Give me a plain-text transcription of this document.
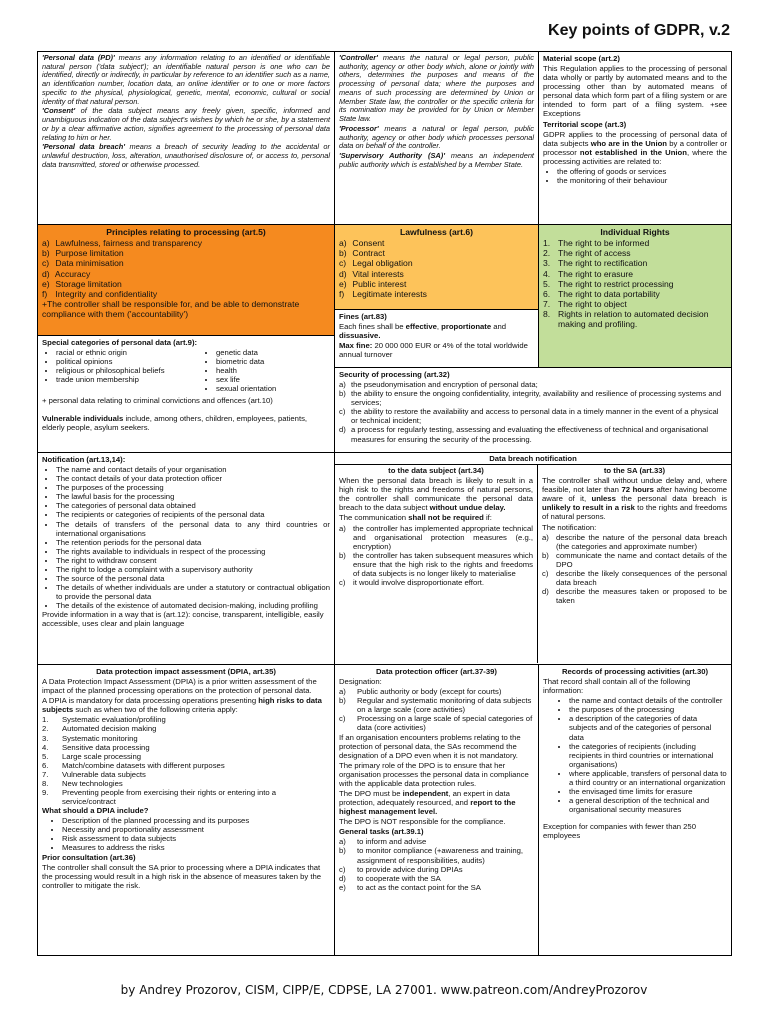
Key points of GDPR, v.2

'Personal data (PD)' means any information relating to an identified or identifiable natural person ('data subject'); an identifiable natural person is one who can be identified, directly or indirectly, in particular by reference to an identifier such as a name, an identification number, location data, an online identifier or to one or more factors specific to the physical, physiological, genetic, mental, economic, cultural or social identity of that natural person.

'Consent' of the data subject means any freely given, specific, informed and unambiguous indication of the data subject's wishes by which he or she, by a statement or by a clear affirmative action, signifies agreement to the processing of personal data relating to him or her.

'Personal data breach' means a breach of security leading to the accidental or unlawful destruction, loss, alteration, unauthorised disclosure of, or access to, personal data transmitted, stored or otherwise processed.

'Controller' means the natural or legal person, public authority, agency or other body which, alone or jointly with others, determines the purposes and means of the processing of personal data; where the purposes and means of such processing are determined by Union or Member State law, the controller or the specific criteria for its nomination may be provided for by Union or Member State law.

'Processor' means a natural or legal person, public authority, agency or other body which processes personal data on behalf of the controller.

'Supervisory Authority (SA)' means an independent public authority which is established by a Member State.

Material scope (art.2)

This Regulation applies to the processing of personal data wholly or partly by automated means and to the processing other than by automated means of personal data which form part of a filing system or are intended to form part of a filing system. +see Exceptions

Territorial scope (art.3)

GDPR applies to the processing of personal data of data subjects who are in the Union by a controller or processor not established in the Union, where the processing activities are related to:

• the offering of goods or services
• the monitoring of their behaviour

Principles relating to processing (art.5)

a) Lawfulness, fairness and transparency
b) Purpose limitation
c) Data minimisation
d) Accuracy
e) Storage limitation
f) Integrity and confidentiality

+The controller shall be responsible for, and be able to demonstrate compliance with them ('accountability')

Lawfulness (art.6)

a) Consent
b) Contract
c) Legal obligation
d) Vital interests
e) Public interest
f) Legitimate interests

Fines (art.83)

Each fines shall be effective, proportionate and dissuasive.

Max fine: 20 000 000 EUR or 4% of the total worldwide annual turnover

Individual Rights

1. The right to be informed
2. The right of access
3. The right to rectification
4. The right to erasure
5. The right to restrict processing
6. The right to data portability
7. The right to object
8. Rights in relation to automated decision making and profiling.

Special categories of personal data (art.9):

• racial or ethnic origin
• political opinions
• religious or philosophical beliefs
• trade union membership
• genetic data
• biometric data
• health
• sex life
• sexual orientation

+ personal data relating to criminal convictions and offences (art.10)

Vulnerable individuals include, among others, children, employees, patients, elderly people, asylum seekers.

Security of processing (art.32)

a) the pseudonymisation and encryption of personal data;
b) the ability to ensure the ongoing confidentiality, integrity, availability and resilience of processing systems and services;
c) the ability to restore the availability and access to personal data in a timely manner in the event of a physical or technical incident;
d) a process for regularly testing, assessing and evaluating the effectiveness of technical and organisational measures for ensuring the security of the processing.

Notification (art.13,14):

• The name and contact details of your organisation
• The contact details of your data protection officer
• The purposes of the processing
• The lawful basis for the processing
• The categories of personal data obtained
• The recipients or categories of recipients of the personal data
• The details of transfers of the personal data to any third countries or international organisations
• The retention periods for the personal data
• The rights available to individuals in respect of the processing
• The right to withdraw consent
• The right to lodge a complaint with a supervisory authority
• The source of the personal data
• The details of whether individuals are under a statutory or contractual obligation to provide the personal data
• The details of the existence of automated decision-making, including profiling

Provide information in a way that is (art.12): concise, transparent, intelligible, easily accessible, uses clear and plain language

Data breach notification

to the data subject (art.34)

When the personal data breach is likely to result in a high risk to the rights and freedoms of natural persons, the controller shall communicate the personal data breach to the data subject without undue delay.

The communication shall not be required if:

a) the controller has implemented appropriate technical and organisational protection measures (e.g., encryption)
b) the controller has taken subsequent measures which ensure that the high risk to the rights and freedoms of data subjects is no longer likely to materialise
c) it would involve disproportionate effort.

to the SA (art.33)

The controller shall without undue delay and, where feasible, not later than 72 hours after having become aware of it, unless the personal data breach is unlikely to result in a risk to the rights and freedoms of natural persons.

The notification:

a) describe the nature of the personal data breach (the categories and approximate number)
b) communicate the name and contact details of the DPO
c) describe the likely consequences of the personal data breach
d) describe the measures taken or proposed to be taken

Data protection impact assessment (DPIA, art.35)

A Data Protection Impact Assessment (DPIA) is a prior written assessment of the impact of the planned processing operations on the protection of personal data.

A DPIA is mandatory for data processing operations presenting high risks to data subjects such as when two of the following criteria apply:

1.	Systematic evaluation/profiling
2.	Automated decision making
3.	Systematic monitoring
4.	Sensitive data processing
5.	Large scale processing
6.	Match/combine datasets with different purposes
7.	Vulnerable data subjects
8.	New technologies
9.	Preventing people from exercising their rights or entering into a service/contract

What should a DPIA include?

• Description of the planned processing and its purposes
• Necessity and proportionality assessment
• Risk assessment to data subjects
• Measures to address the risks

Prior consultation (art.36)

The controller shall consult the SA prior to processing where a DPIA indicates that the processing would result in a high risk in the absence of measures taken by the controller to mitigate the risk.

Data protection officer (art.37-39)

Designation:

a)	Public authority or body (except for courts)
b)	Regular and systematic monitoring of data subjects on a large scale (core activities)
c)	Processing on a large scale of special categories of data (core activities)

If an organisation encounters problems relating to the protection of personal data, the SAs recommend the designation of a DPO even when it is not mandatory.

The primary role of the DPO is to ensure that her organisation processes the personal data in compliance with the applicable data protection rules.

The DPO must be independent, an expert in data protection, adequately resourced, and report to the highest management level.

The DPO is NOT responsible for the compliance.

General tasks (art.39.1)

a)	to inform and advise
b)	to monitor compliance (+awareness and training, assignment of responsibilities, audits)
c)	to provide advice during DPIAs
d)	to cooperate with the SA
e)	to act as the contact point for the SA

Records of processing activities (art.30)

That record shall contain all of the following information:

• the name and contact details of the controller
• the purposes of the processing
• a description of the categories of data subjects and of the categories of personal data
• the categories of recipients (including recipients in third countries or international organisations)
• where applicable, transfers of personal data to a third country or an international organization
• the envisaged time limits for erasure
• a general description of the technical and organisational security measures

Exception for companies with fewer than 250 employees

by Andrey Prozorov, CISM, CIPP/E, CDPSE, LA 27001. www.patreon.com/AndreyProzorov
